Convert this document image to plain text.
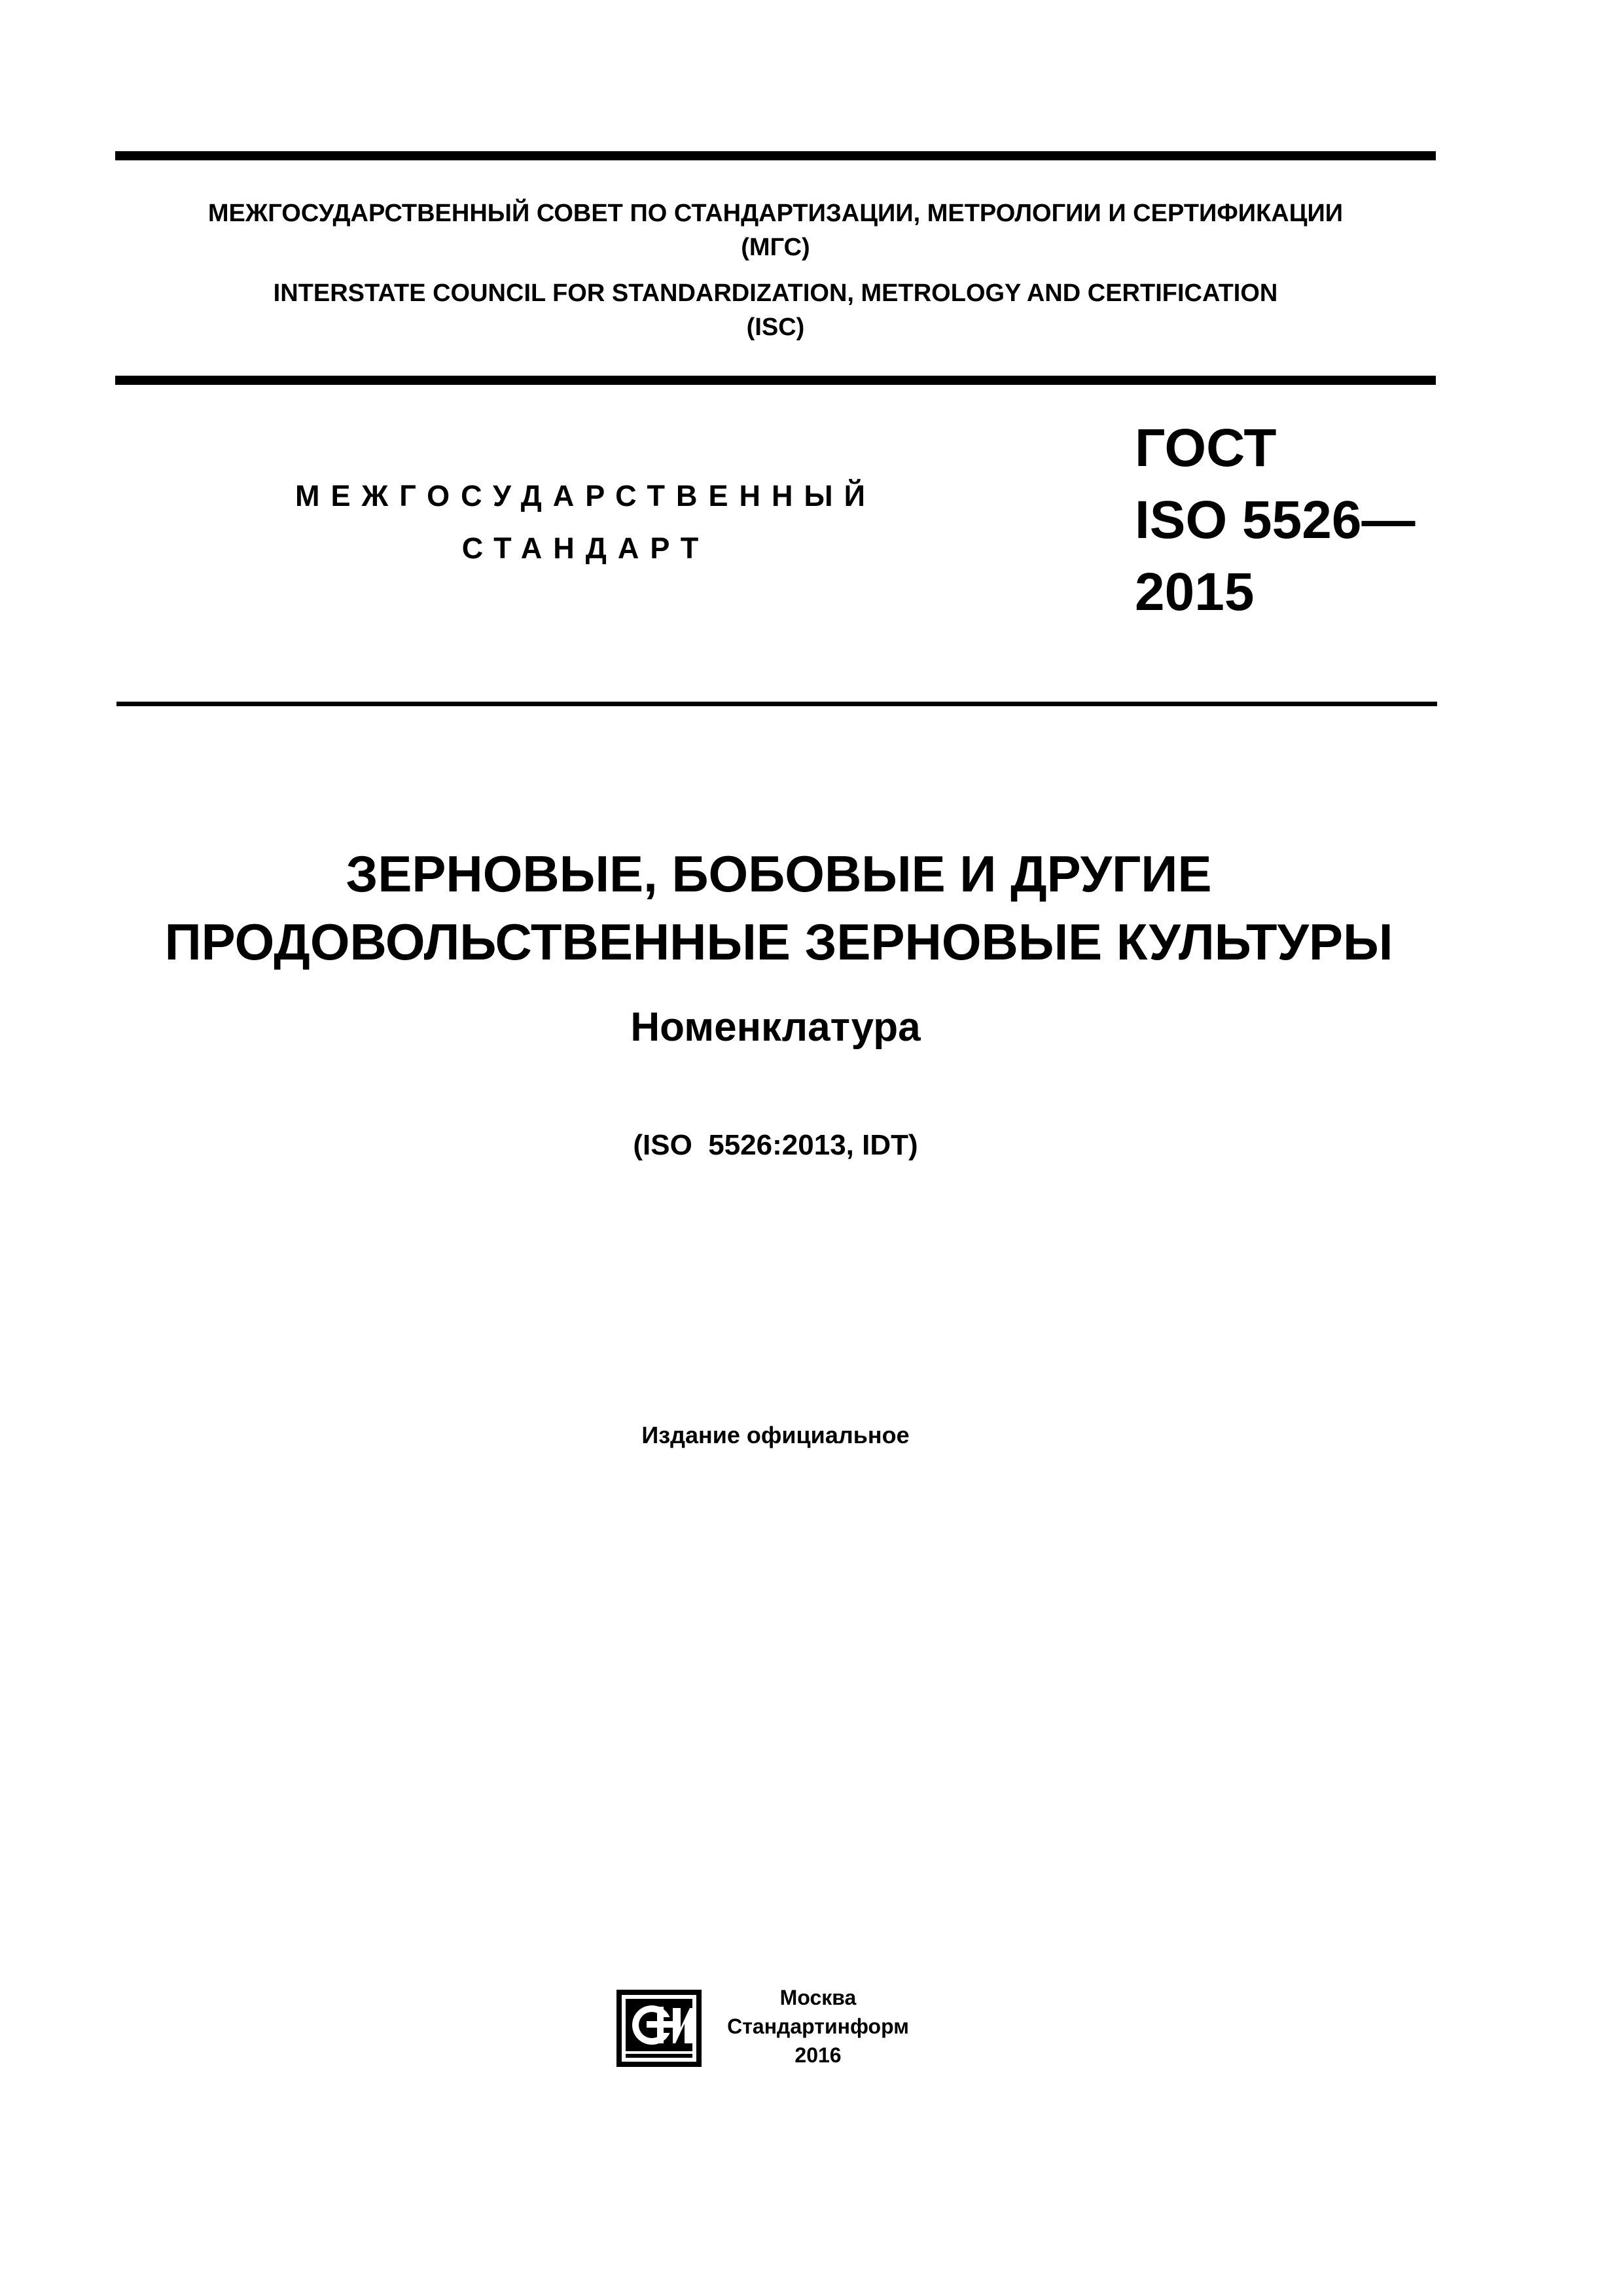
МЕЖГОСУДАРСТВЕННЫЙ СОВЕТ ПО СТАНДАРТИЗАЦИИ, МЕТРОЛОГИИ И СЕРТИФИКАЦИИ
(МГС)
INTERSTATE COUNCIL FOR STANDARDIZATION, METROLOGY AND CERTIFICATION
(ISC)
МЕЖГОСУДАРСТВЕННЫЙ
СТАНДАРТ
ГОСТ
ISO 5526—
2015
ЗЕРНОВЫЕ, БОБОВЫЕ И ДРУГИЕ
ПРОДОВОЛЬСТВЕННЫЕ ЗЕРНОВЫЕ КУЛЬТУРЫ
Номенклатура
(ISO  5526:2013, IDT)
Издание официальное
Москва
Стандартинформ
2016
